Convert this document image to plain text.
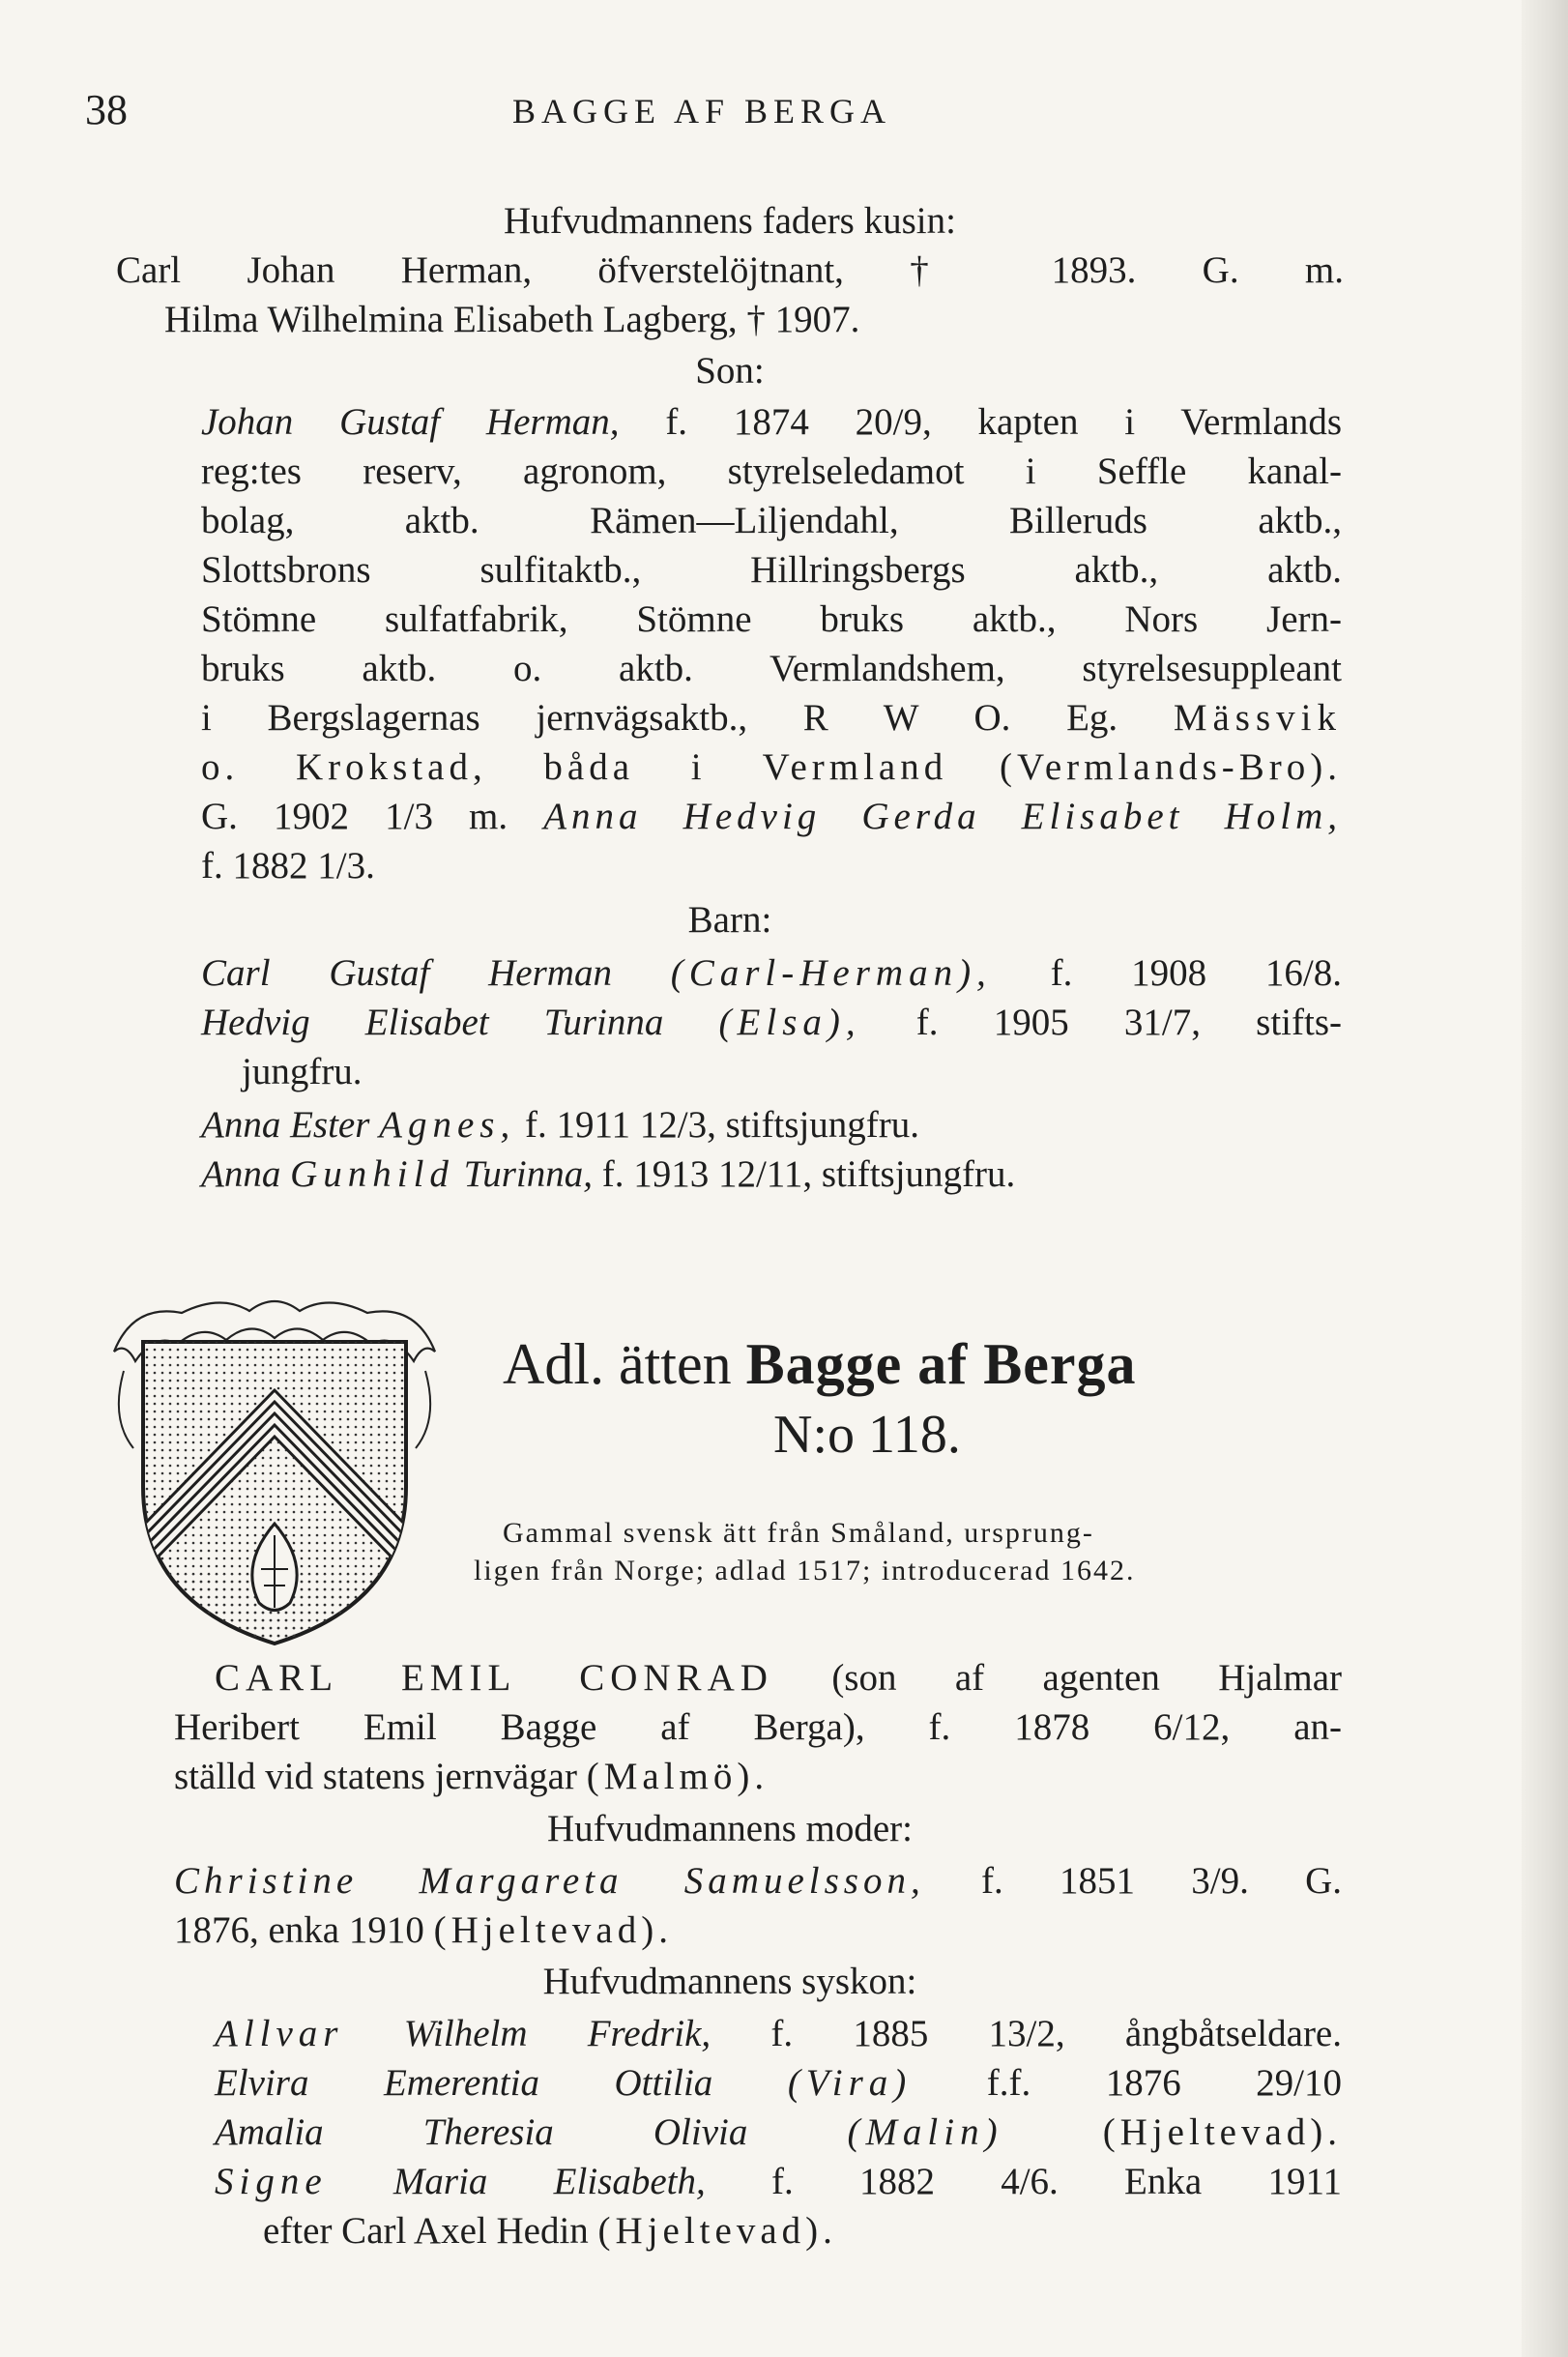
38	BAGGE AF BERGA
Hufvudmannens faders kusin:
Carl Johan Herman, öfverstelöjtnant, † 1893. G. m.
Hilma Wilhelmina Elisabeth Lagberg, † 1907.
Son:
Johan Gustaf Herman, f. 1874 20/9, kapten i Vermlands
reg:tes reserv, agronom, styrelseledamot i Seffle kanal-
bolag, aktb. Rämen—Liljendahl, Billeruds aktb.,
Slottsbrons sulfitaktb., Hillringsbergs aktb., aktb.
Stömne sulfatfabrik, Stömne bruks aktb., Nors Jern-
bruks aktb. o. aktb. Vermlandshem, styrelsesuppleant
i Bergslagernas jernvägsaktb., R W O. Eg. Mässvik
o. Krokstad, båda i Vermland (Vermlands-Bro).
G. 1902 1/3 m. Anna Hedvig Gerda Elisabet Holm,
f. 1882 1/3.
Barn:
Carl Gustaf Herman (Carl-Herman), f. 1908 16/8.
Hedvig Elisabet Turinna (Elsa), f. 1905 31/7, stifts-
jungfru.
Anna Ester Agnes, f. 1911 12/3, stiftsjungfru.
Anna Gunhild Turinna, f. 1913 12/11, stiftsjungfru.
Adl. ätten Bagge af Berga
N:o 118.
Gammal svensk ätt från Småland, ursprung-
ligen från Norge; adlad 1517; introducerad 1642.
CARL EMIL CONRAD (son af agenten Hjalmar
Heribert Emil Bagge af Berga), f. 1878 6/12, an-
ställd vid statens jernvägar (Malmö).
Hufvudmannens moder:
Christine Margareta Samuelsson, f. 1851 3/9. G.
1876, enka 1910 (Hjeltevad).
Hufvudmannens syskon:
Allvar Wilhelm Fredrik, f. 1885 13/2, ångbåtseldare.
Elvira Emerentia Ottilia (Vira) f.f. 1876 29/10
Amalia Theresia Olivia	(Malin)	(Hjeltevad).
Signe Maria Elisabeth, f. 1882 4/6. Enka 1911
efter Carl Axel Hedin (Hjeltevad).
